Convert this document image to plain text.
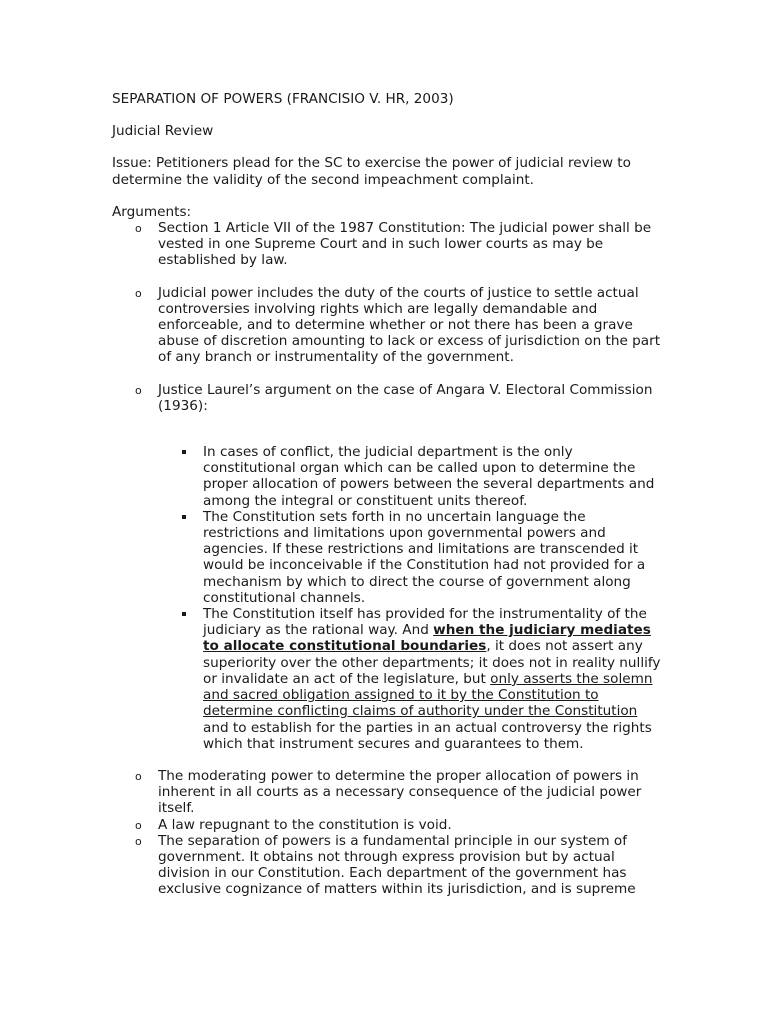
SEPARATION OF POWERS (FRANCISIO V. HR, 2003)

Judicial Review

Issue: Petitioners plead for the SC to exercise the power of judicial review to determine the validity of the second impeachment complaint.

Arguments:

o Section 1 Article VII of the 1987 Constitution: The judicial power shall be vested in one Supreme Court and in such lower courts as may be established by law.
o Judicial power includes the duty of the courts of justice to settle actual controversies involving rights which are legally demandable and enforceable, and to determine whether or not there has been a grave abuse of discretion amounting to lack or excess of jurisdiction on the part of any branch or instrumentality of the government.
o Justice Laurel’s argument on the case of Angara V. Electoral Commission (1936):
In cases of conflict, the judicial department is the only constitutional organ which can be called upon to determine the proper allocation of powers between the several departments and among the integral or constituent units thereof.
The Constitution sets forth in no uncertain language the restrictions and limitations upon governmental powers and agencies. If these restrictions and limitations are transcended it would be inconceivable if the Constitution had not provided for a mechanism by which to direct the course of government along constitutional channels.
The Constitution itself has provided for the instrumentality of the judiciary as the rational way. And when the judiciary mediates to allocate constitutional boundaries, it does not assert any superiority over the other departments; it does not in reality nullify or invalidate an act of the legislature, but only asserts the solemn and sacred obligation assigned to it by the Constitution to determine conflicting claims of authority under the Constitution and to establish for the parties in an actual controversy the rights which that instrument secures and guarantees to them.
o The moderating power to determine the proper allocation of powers in inherent in all courts as a necessary consequence of the judicial power itself.
o A law repugnant to the constitution is void.
o The separation of powers is a fundamental principle in our system of government. It obtains not through express provision but by actual division in our Constitution. Each department of the government has exclusive cognizance of matters within its jurisdiction, and is supreme
